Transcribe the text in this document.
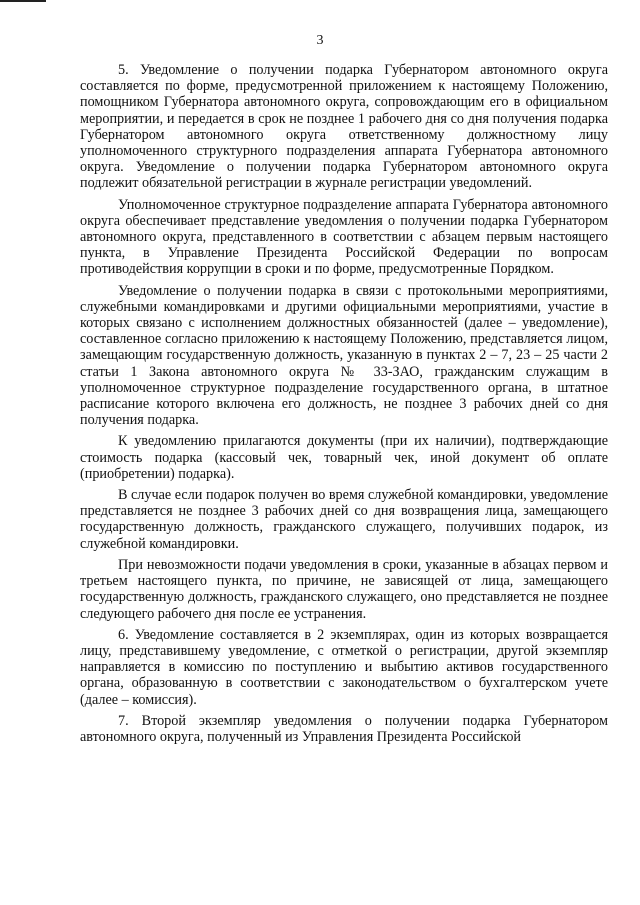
3

5. Уведомление о получении подарка Губернатором автономного округа составляется по форме, предусмотренной приложением к настоящему Положению, помощником Губернатора автономного округа, сопровождающим его в официальном мероприятии, и передается в срок не позднее 1 рабочего дня со дня получения подарка Губернатором автономного округа ответственному должностному лицу уполномоченного структурного подразделения аппарата Губернатора автономного округа. Уведомление о получении подарка Губернатором автономного округа подлежит обязательной регистрации в журнале регистрации уведомлений.

Уполномоченное структурное подразделение аппарата Губернатора автономного округа обеспечивает представление уведомления о получении подарка Губернатором автономного округа, представленного в соответствии с абзацем первым настоящего пункта, в Управление Президента Российской Федерации по вопросам противодействия коррупции в сроки и по форме, предусмотренные Порядком.

Уведомление о получении подарка в связи с протокольными мероприятиями, служебными командировками и другими официальными мероприятиями, участие в которых связано с исполнением должностных обязанностей (далее – уведомление), составленное согласно приложению к настоящему Положению, представляется лицом, замещающим государственную должность, указанную в пунктах 2 – 7, 23 – 25 части 2 статьи 1 Закона автономного округа № 33-ЗАО, гражданским служащим в уполномоченное структурное подразделение государственного органа, в штатное расписание которого включена его должность, не позднее 3 рабочих дней со дня получения подарка.

К уведомлению прилагаются документы (при их наличии), подтверждающие стоимость подарка (кассовый чек, товарный чек, иной документ об оплате (приобретении) подарка).

В случае если подарок получен во время служебной командировки, уведомление представляется не позднее 3 рабочих дней со дня возвращения лица, замещающего государственную должность, гражданского служащего, получивших подарок, из служебной командировки.

При невозможности подачи уведомления в сроки, указанные в абзацах первом и третьем настоящего пункта, по причине, не зависящей от лица, замещающего государственную должность, гражданского служащего, оно представляется не позднее следующего рабочего дня после ее устранения.

6. Уведомление составляется в 2 экземплярах, один из которых возвращается лицу, представившему уведомление, с отметкой о регистрации, другой экземпляр направляется в комиссию по поступлению и выбытию активов государственного органа, образованную в соответствии с законодательством о бухгалтерском учете (далее – комиссия).

7. Второй экземпляр уведомления о получении подарка Губернатором автономного округа, полученный из Управления Президента Российской
